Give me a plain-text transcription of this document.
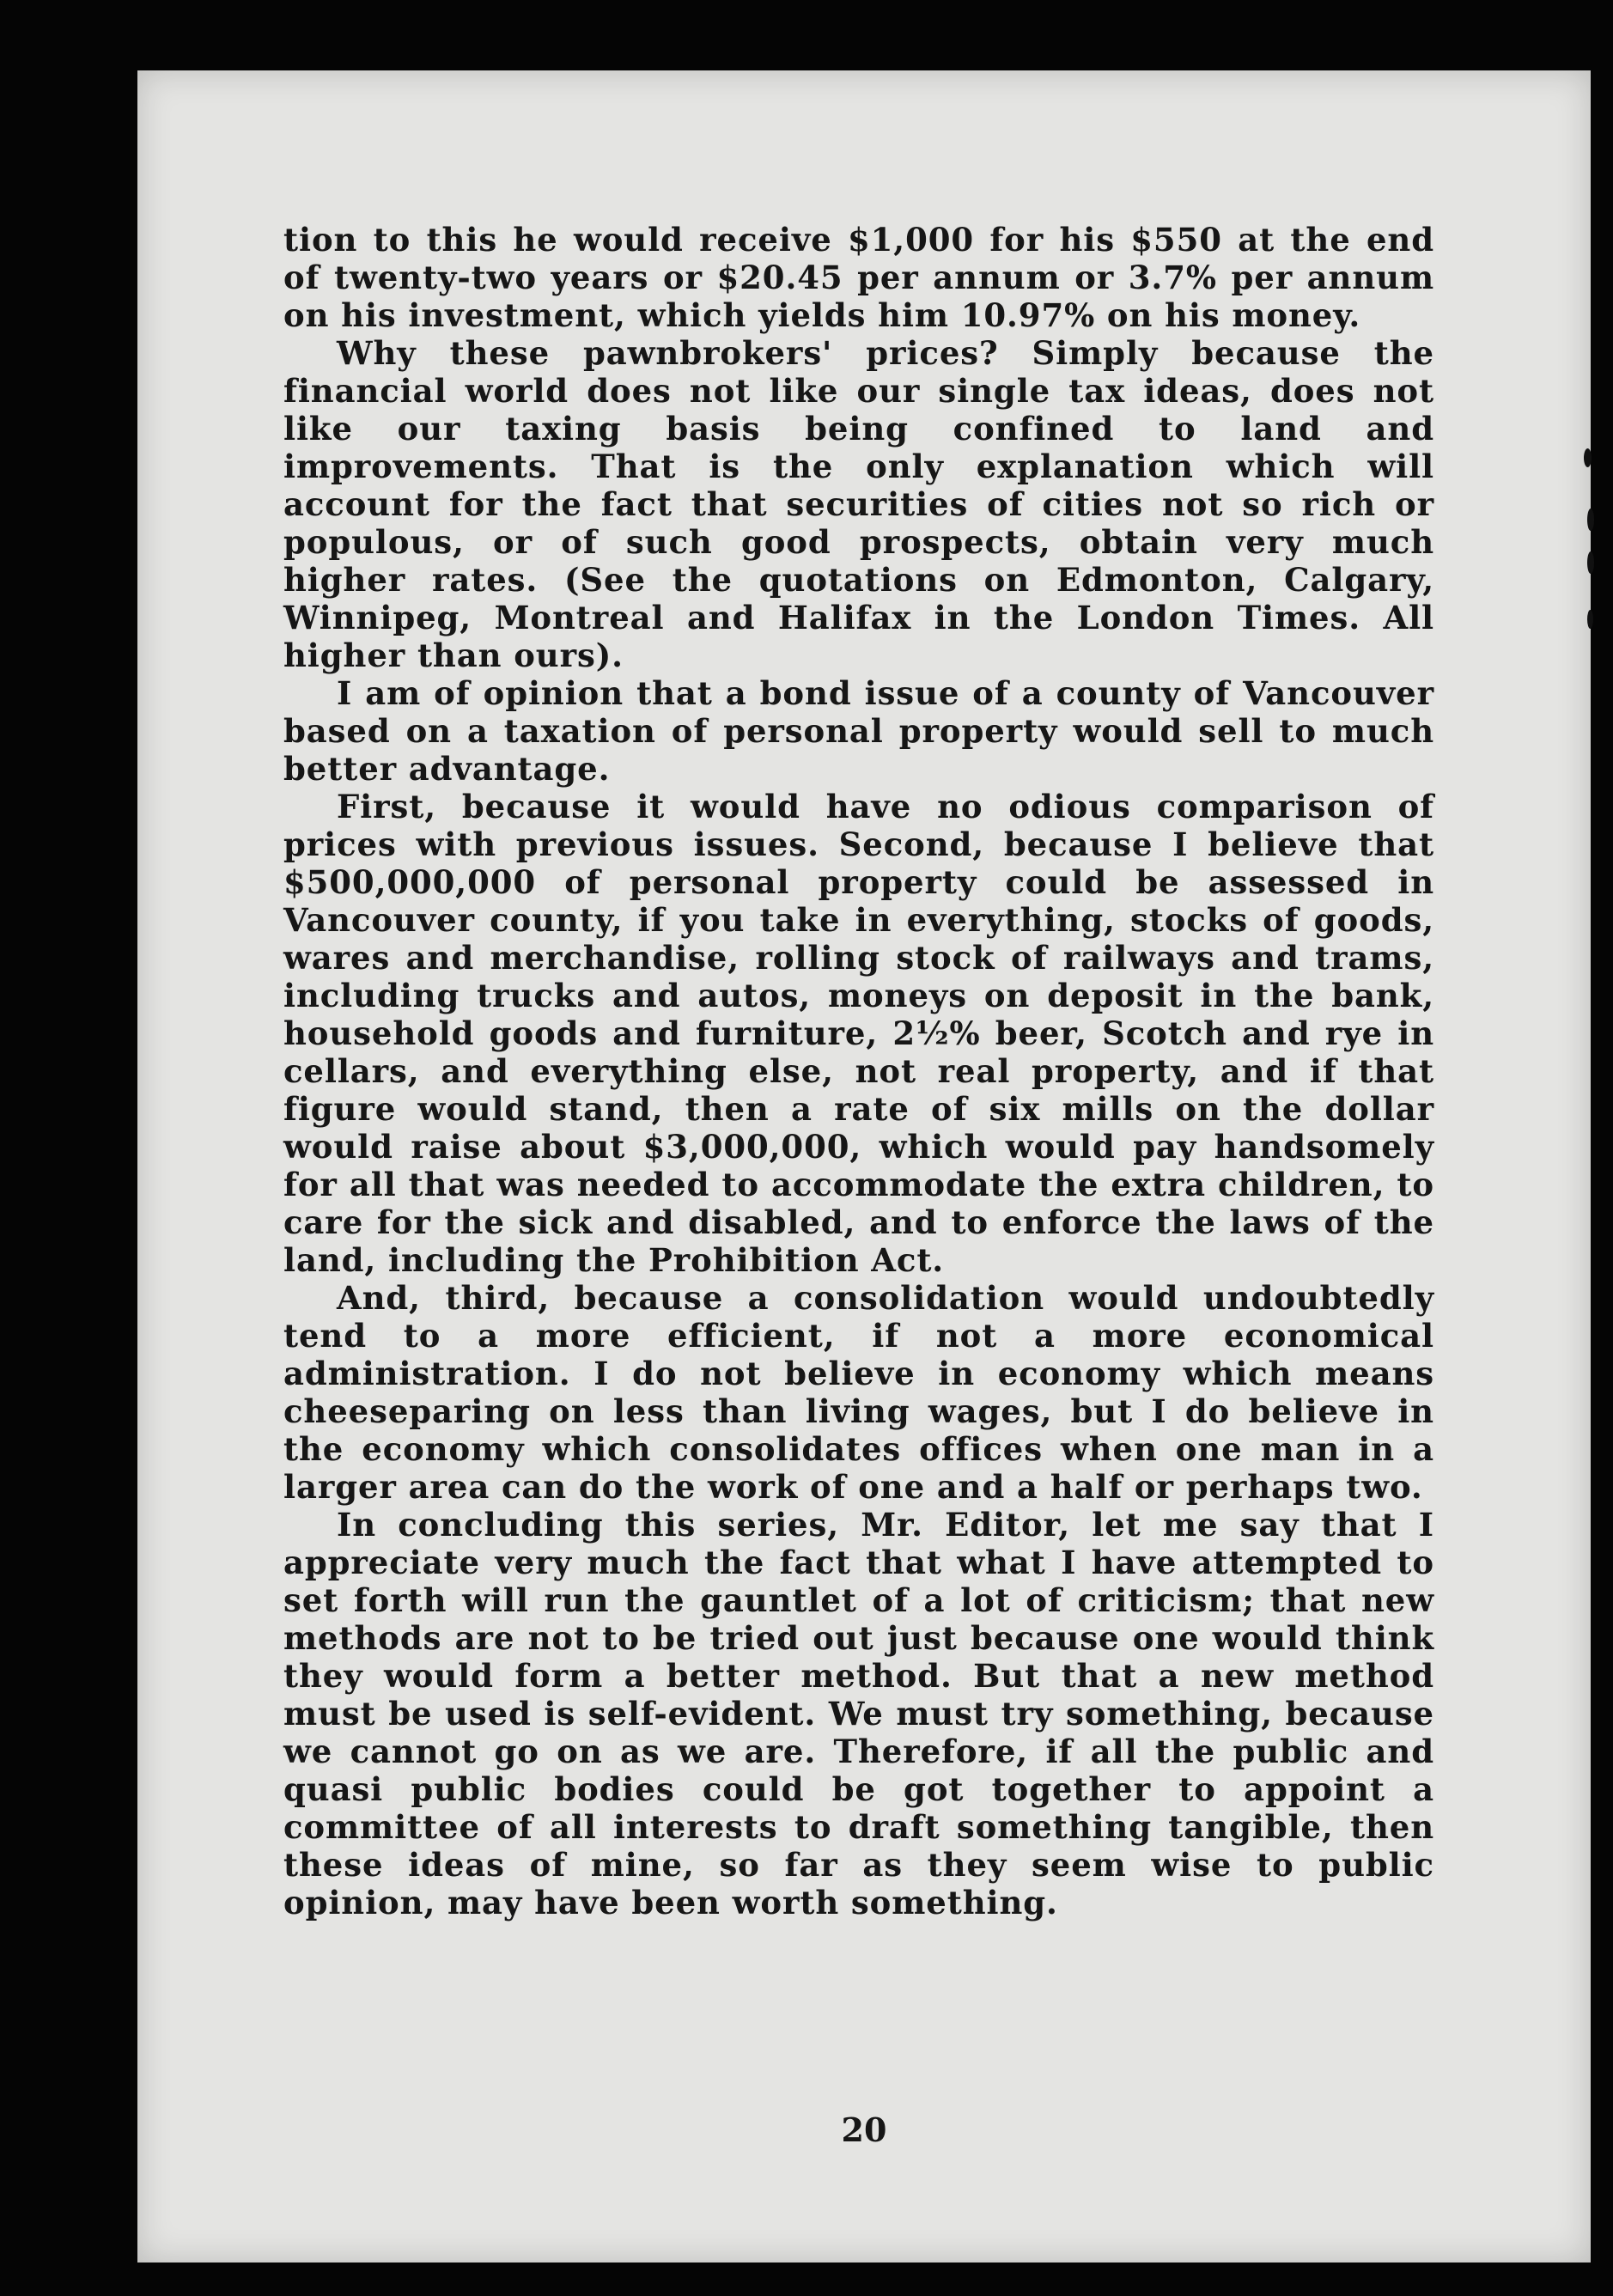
tion to this he would receive $1,000 for his $550 at the end of twenty-two years or $20.45 per annum or 3.7% per annum on his investment, which yields him 10.97% on his money.

Why these pawnbrokers' prices? Simply because the financial world does not like our single tax ideas, does not like our taxing basis being confined to land and improvements. That is the only explanation which will account for the fact that securities of cities not so rich or populous, or of such good prospects, obtain very much higher rates. (See the quotations on Edmonton, Calgary, Winnipeg, Montreal and Halifax in the London Times. All higher than ours).

I am of opinion that a bond issue of a county of Vancouver based on a taxation of personal property would sell to much better advantage.

First, because it would have no odious comparison of prices with previous issues. Second, because I believe that $500,000,000 of personal property could be assessed in Vancouver county, if you take in everything, stocks of goods, wares and merchandise, rolling stock of railways and trams, including trucks and autos, moneys on deposit in the bank, household goods and furniture, 2½% beer, Scotch and rye in cellars, and everything else, not real property, and if that figure would stand, then a rate of six mills on the dollar would raise about $3,000,000, which would pay handsomely for all that was needed to accommodate the extra children, to care for the sick and disabled, and to enforce the laws of the land, including the Prohibition Act.

And, third, because a consolidation would undoubtedly tend to a more efficient, if not a more economical administration. I do not believe in economy which means cheeseparing on less than living wages, but I do believe in the economy which consolidates offices when one man in a larger area can do the work of one and a half or perhaps two.

In concluding this series, Mr. Editor, let me say that I appreciate very much the fact that what I have attempted to set forth will run the gauntlet of a lot of criticism; that new methods are not to be tried out just because one would think they would form a better method. But that a new method must be used is self-evident. We must try something, because we cannot go on as we are. Therefore, if all the public and quasi public bodies could be got together to appoint a committee of all interests to draft something tangible, then these ideas of mine, so far as they seem wise to public opinion, may have been worth something.

20
